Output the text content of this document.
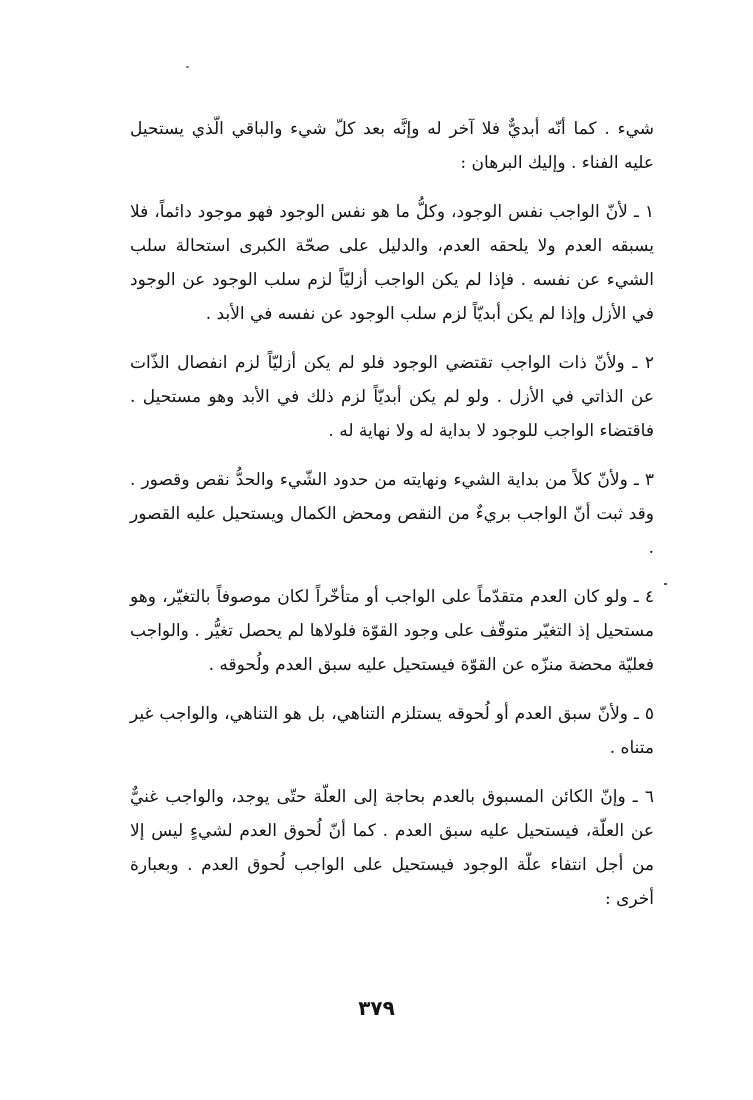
شيء . كما أنّه أبديٌّ فلا آخر له وإنَّه بعد كلّ شيء والباقي الّذي يستحيل عليه الفناء . وإليك البرهان :

١ ـ لأنّ الواجب نفس الوجود، وكلُّ ما هو نفس الوجود فهو موجود دائماً، فلا يسبقه العدم ولا يلحقه العدم، والدليل على صحّة الكبرى استحالة سلب الشيء عن نفسه . فإذا لم يكن الواجب أزليّاً لزم سلب الوجود عن الوجود في الأزل وإذا لم يكن أبديّاً لزم سلب الوجود عن نفسه في الأبد .

٢ ـ ولأنّ ذات الواجب تقتضي الوجود فلو لم يكن أزليّاً لزم انفصال الذّات عن الذاتي في الأزل . ولو لم يكن أبديّاً لزم ذلك في الأبد وهو مستحيل . فاقتضاء الواجب للوجود لا بداية له ولا نهاية له .

٣ ـ ولأنّ كلاً من بداية الشيء ونهايته من حدود الشّيء والحدُّ نقص وقصور . وقد ثبت أنّ الواجب بريءٌ من النقص ومحض الكمال ويستحيل عليه القصور .

٤ ـ ولو كان العدم متقدّماً على الواجب أو متأخّراً لكان موصوفاً بالتغيّر، وهو مستحيل إذ التغيّر متوقّف على وجود القوّة فلولاها لم يحصل تغيُّر . والواجب فعليّة محضة منزّه عن القوّة فيستحيل عليه سبق العدم ولُحوقه .

٥ ـ ولأنّ سبق العدم أو لُحوقه يستلزم التناهي، بل هو التناهي، والواجب غير متناه .

٦ ـ وإنّ الكائن المسبوق بالعدم بحاجة إلى العلّة حتّى يوجد، والواجب غنيٌّ عن العلّة، فيستحيل عليه سبق العدم . كما أنّ لُحوق العدم لشيءٍ ليس إلا من أجل انتفاء علّة الوجود فيستحيل على الواجب لُحوق العدم . وبعبارة أخرى :

٣٧٩
